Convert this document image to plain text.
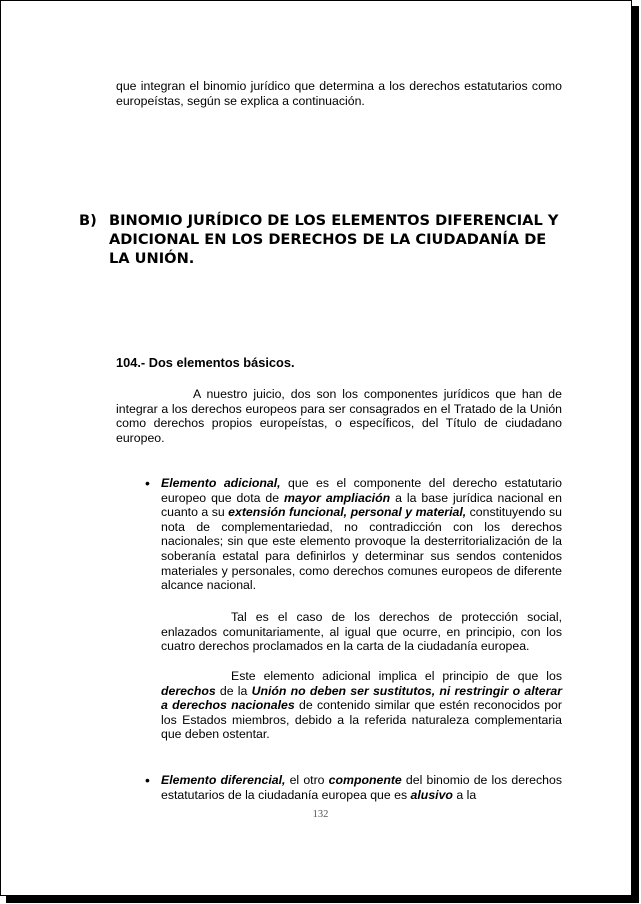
que integran el binomio jurídico que determina a los derechos estatutarios como europeístas, según se explica a continuación.

B) BINOMIO JURÍDICO DE LOS ELEMENTOS DIFERENCIAL Y ADICIONAL EN LOS DERECHOS DE LA CIUDADANÍA DE LA UNIÓN.
104.- Dos elementos básicos.

A nuestro juicio, dos son los componentes jurídicos que han de integrar a los derechos europeos para ser consagrados en el Tratado de la Unión como derechos propios europeístas, o específicos, del Título de ciudadano europeo.

• Elemento adicional, que es el componente del derecho estatutario europeo que dota de mayor ampliación a la base jurídica nacional en cuanto a su extensión funcional, personal y material, constituyendo su nota de complementariedad, no contradicción con los derechos nacionales; sin que este elemento provoque la desterritorialización de la soberanía estatal para definirlos y determinar sus sendos contenidos materiales y personales, como derechos comunes europeos de diferente alcance nacional.

Tal es el caso de los derechos de protección social, enlazados comunitariamente, al igual que ocurre, en principio, con los cuatro derechos proclamados en la carta de la ciudadanía europea.

Este elemento adicional implica el principio de que los derechos de la Unión no deben ser sustitutos, ni restringir o alterar a derechos nacionales de contenido similar que estén reconocidos por los Estados miembros, debido a la referida naturaleza complementaria que deben ostentar.

• Elemento diferencial, el otro componente del binomio de los derechos estatutarios de la ciudadanía europea que es alusivo a la

132
